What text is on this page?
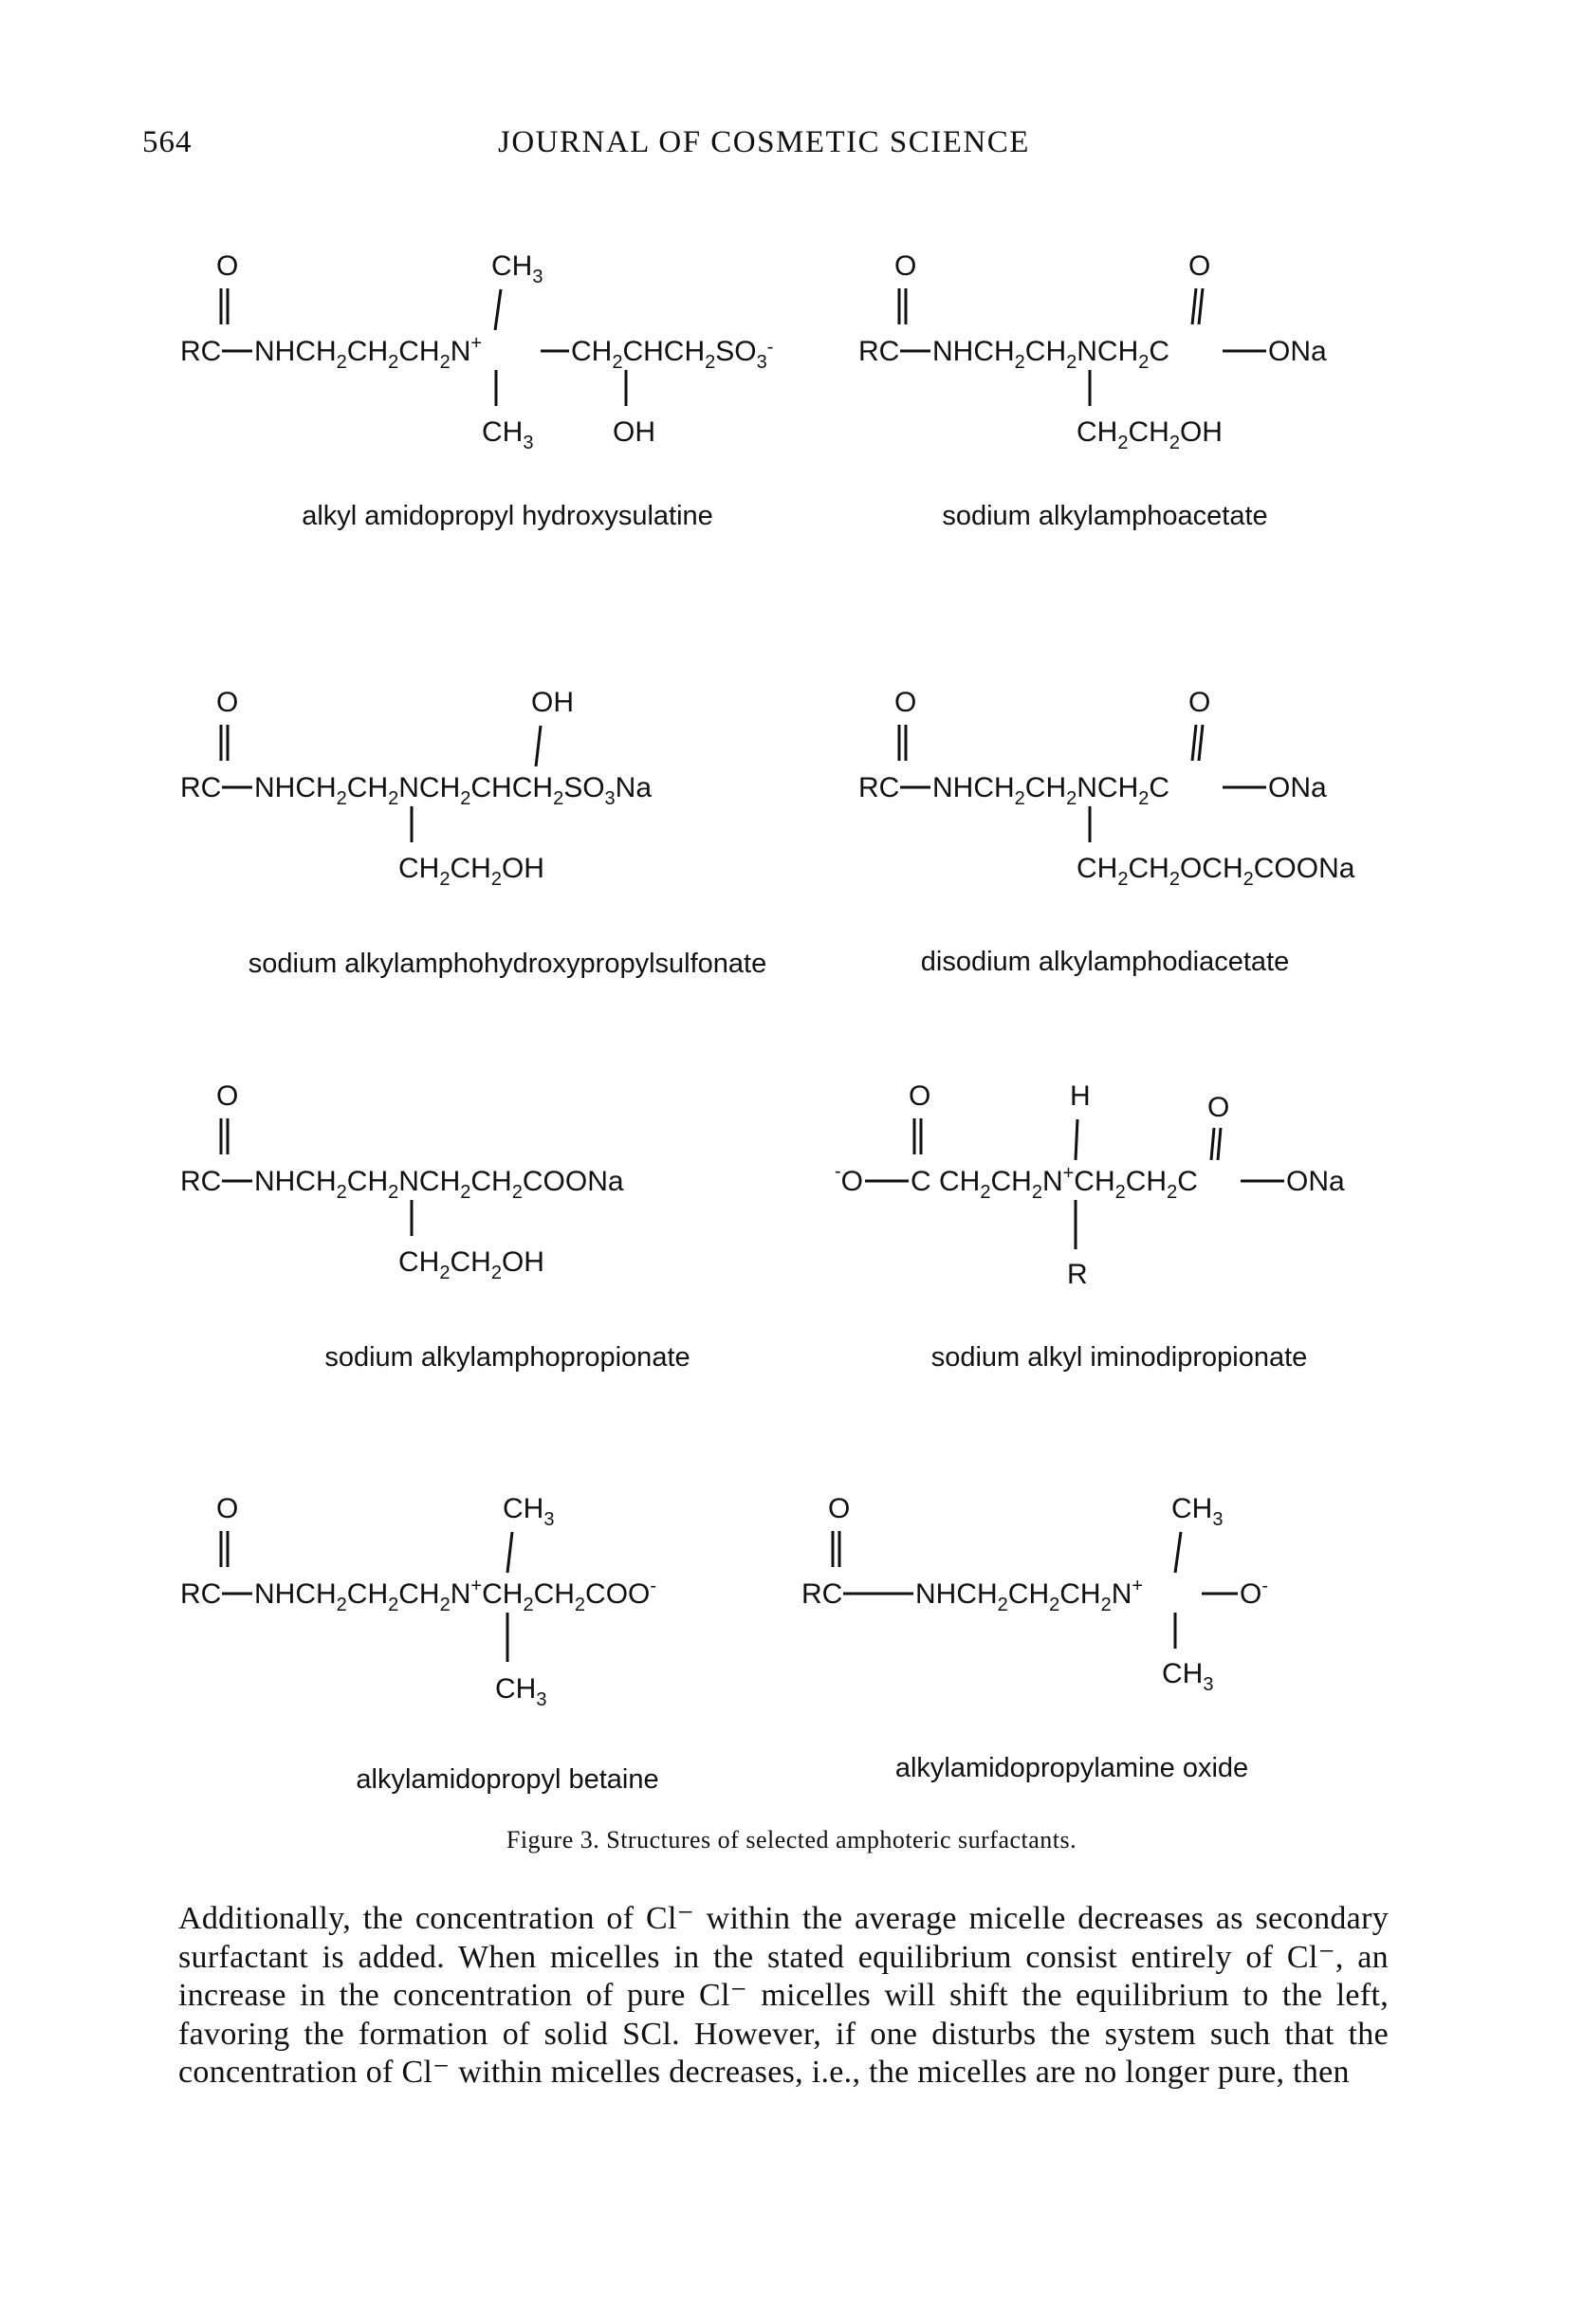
564	JOURNAL OF COSMETIC SCIENCE
O
RC $NHCH_2CH_2CH_2N^+$	$CH_2CHCH_2SO_3^-$
$CH_3$
$CH_3$	OH
alkyl amidopropyl hydroxysulatine
O
RC $NHCH_2CH_2NCH_2C$	ONa
O
$CH_2CH_2OH$
sodium alkylamphoacetate
O
RC $NHCH_2CH_2NCH_2CHCH_2SO_3Na$
OH
$CH_2CH_2OH$
sodium alkylamphohydroxypropylsulfonate
O
RC $NHCH_2CH_2NCH_2C$	ONa
O
$CH_2CH_2OCH_2COONa$
disodium alkylamphodiacetate
O
RC $NHCH_2CH_2NCH_2CH_2COONa$
$CH_2CH_2OH$
sodium alkylamphopropionate
-O C $CH_2CH_2N^+CH_2CH_2C$	ONa
O	H	O
R
sodium alkyl iminodipropionate
O
RC $NHCH_2CH_2CH_2N^+CH_2CH_2COO^-$
$CH_3$
$CH_3$
alkylamidopropyl betaine
O
RC	$NHCH_2CH_2CH_2N^+$	O-
$CH_3$
$CH_3$
alkylamidopropylamine oxide
Figure 3. Structures of selected amphoteric surfactants.
Additionally, the concentration of Cl⁻ within the average micelle decreases as secondary surfactant is added. When micelles in the stated equilibrium consist entirely of Cl⁻, an increase in the concentration of pure Cl⁻ micelles will shift the equilibrium to the left, favoring the formation of solid SCl. However, if one disturbs the system such that the concentration of Cl⁻ within micelles decreases, i.e., the micelles are no longer pure, then
